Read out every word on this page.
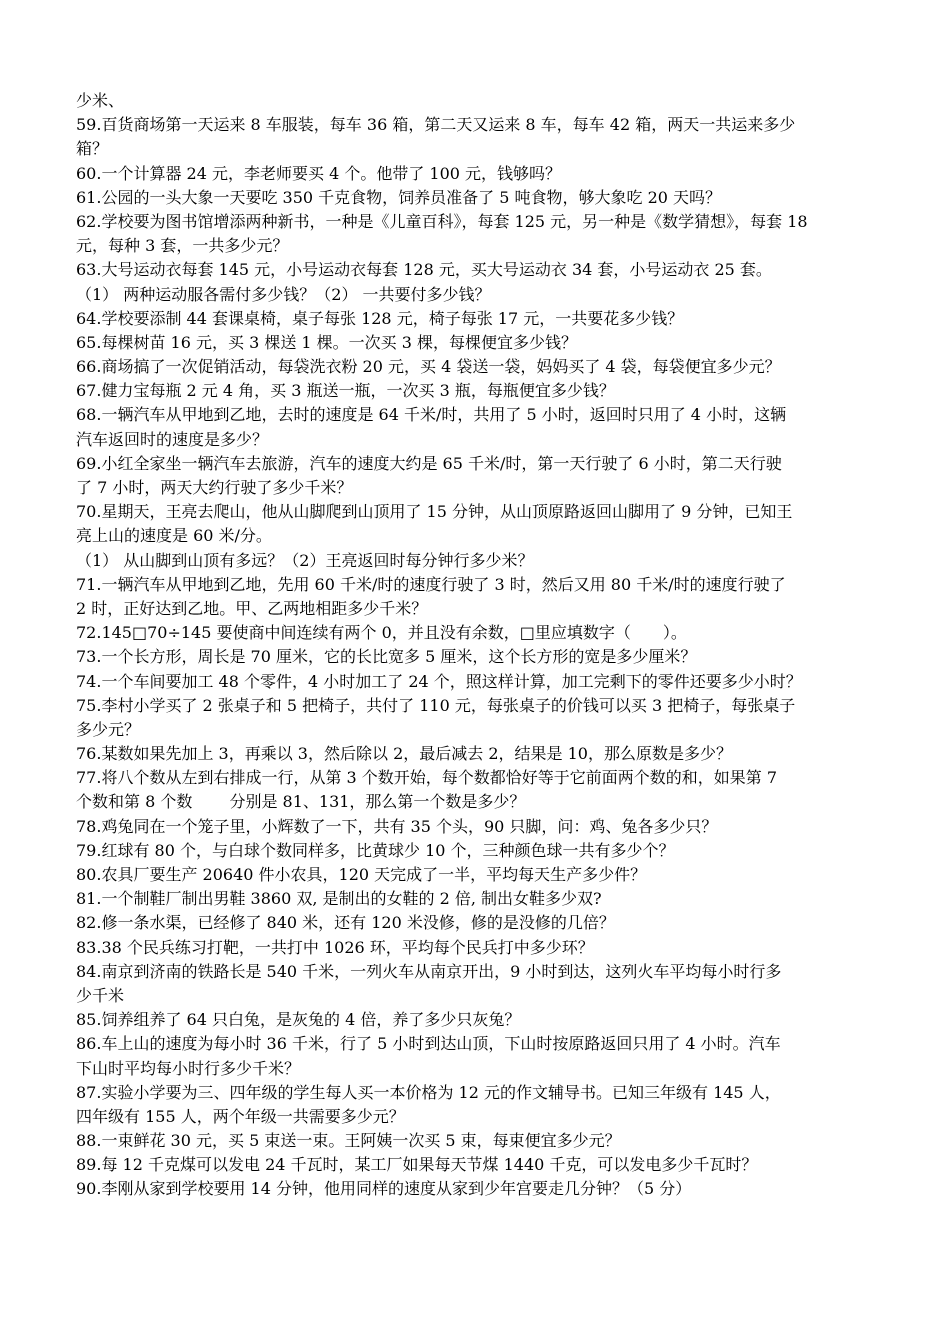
少米、
59.百货商场第一天运来 8 车服装，每车 36 箱，第二天又运来 8 车，每车 42 箱，两天一共运来多少
箱？
60.一个计算器 24 元，李老师要买 4 个。他带了 100 元，钱够吗？
61.公园的一头大象一天要吃 350 千克食物，饲养员准备了 5 吨食物，够大象吃 20 天吗？
62.学校要为图书馆增添两种新书，一种是《儿童百科》，每套 125 元，另一种是《数学猜想》，每套 18
元，每种 3 套，一共多少元？
63.大号运动衣每套 145 元，小号运动衣每套 128 元，买大号运动衣 34 套，小号运动衣 25 套。
（1） 两种运动服各需付多少钱？（2） 一共要付多少钱？
64.学校要添制 44 套课桌椅，桌子每张 128 元，椅子每张 17 元，一共要花多少钱？
65.每棵树苗 16 元，买 3 棵送 1 棵。一次买 3 棵，每棵便宜多少钱？
66.商场搞了一次促销活动，每袋洗衣粉 20 元，买 4 袋送一袋，妈妈买了 4 袋，每袋便宜多少元？
67.健力宝每瓶 2 元 4 角，买 3 瓶送一瓶，一次买 3 瓶，每瓶便宜多少钱？
68.一辆汽车从甲地到乙地，去时的速度是 64 千米/时，共用了 5 小时，返回时只用了 4 小时，这辆
汽车返回时的速度是多少？
69.小红全家坐一辆汽车去旅游，汽车的速度大约是 65 千米/时，第一天行驶了 6 小时，第二天行驶
了 7 小时，两天大约行驶了多少千米？
70.星期天，王亮去爬山，他从山脚爬到山顶用了 15 分钟，从山顶原路返回山脚用了 9 分钟，已知王
亮上山的速度是 60 米/分。
（1） 从山脚到山顶有多远？（2）王亮返回时每分钟行多少米？
71.一辆汽车从甲地到乙地，先用 60 千米/时的速度行驶了 3 时，然后又用 80 千米/时的速度行驶了
2 时，正好达到乙地。甲、乙两地相距多少千米？
72.145□70÷145 要使商中间连续有两个 0，并且没有余数，□里应填数字（　　）。
73.一个长方形，周长是 70 厘米，它的长比宽多 5 厘米，这个长方形的宽是多少厘米？
74.一个车间要加工 48 个零件，4 小时加工了 24 个，照这样计算，加工完剩下的零件还要多少小时？
75.李村小学买了 2 张桌子和 5 把椅子，共付了 110 元，每张桌子的价钱可以买 3 把椅子，每张桌子
多少元？
76.某数如果先加上 3，再乘以 3，然后除以 2，最后减去 2，结果是 10，那么原数是多少？
77.将八个数从左到右排成一行，从第 3 个数开始，每个数都恰好等于它前面两个数的和，如果第 7
个数和第 8 个数　　 分别是 81、131，那么第一个数是多少？
78.鸡兔同在一个笼子里，小辉数了一下，共有 35 个头，90 只脚，问：鸡、兔各多少只？
79.红球有 80 个，与白球个数同样多，比黄球少 10 个，三种颜色球一共有多少个？
80.农具厂要生产 20640 件小农具，120 天完成了一半，平均每天生产多少件？
81.一个制鞋厂制出男鞋 3860 双, 是制出的女鞋的 2 倍, 制出女鞋多少双?
82.修一条水渠，已经修了 840 米，还有 120 米没修，修的是没修的几倍？
83.38 个民兵练习打靶，一共打中 1026 环，平均每个民兵打中多少环？
84.南京到济南的铁路长是 540 千米，一列火车从南京开出，9 小时到达，这列火车平均每小时行多
少千米
85.饲养组养了 64 只白兔，是灰兔的 4 倍，养了多少只灰兔？
86.车上山的速度为每小时 36 千米，行了 5 小时到达山顶，下山时按原路返回只用了 4 小时。汽车
下山时平均每小时行多少千米？
87.实验小学要为三、四年级的学生每人买一本价格为 12 元的作文辅导书。已知三年级有 145 人，
四年级有 155 人，两个年级一共需要多少元？
88.一束鲜花 30 元，买 5 束送一束。王阿姨一次买 5 束，每束便宜多少元？
89.每 12 千克煤可以发电 24 千瓦时，某工厂如果每天节煤 1440 千克，可以发电多少千瓦时？
90.李刚从家到学校要用 14 分钟，他用同样的速度从家到少年宫要走几分钟？（5 分）
